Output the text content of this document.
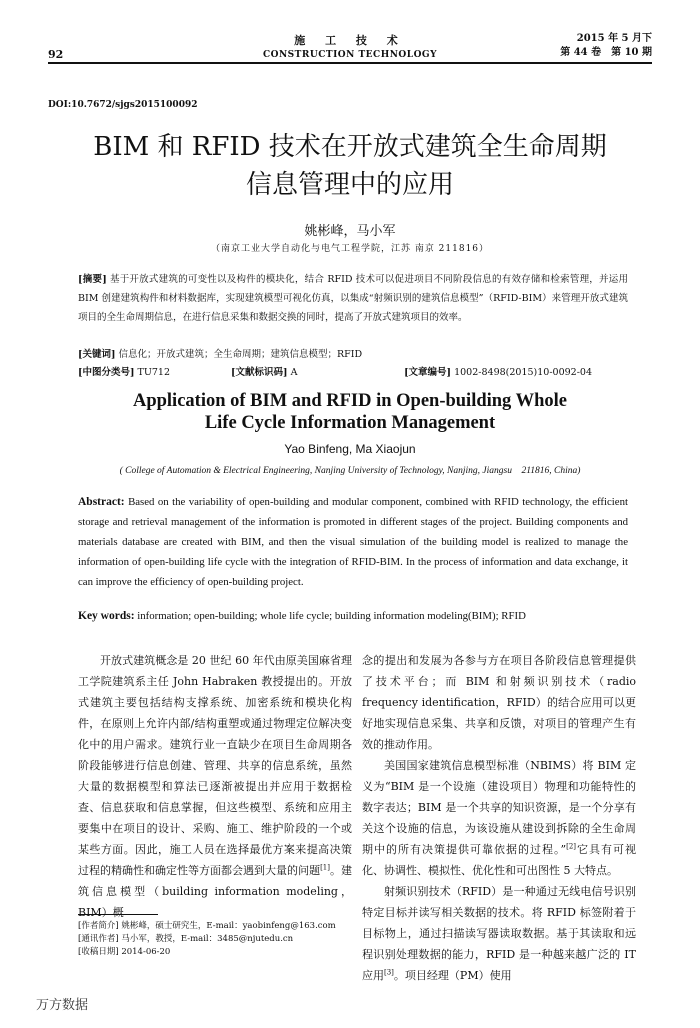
施 工 技 术
CONSTRUCTION TECHNOLOGY
92
2015 年 5 月下
第 44 卷　第 10 期
DOI:10.7672/sjgs2015100092
BIM 和 RFID 技术在开放式建筑全生命周期
信息管理中的应用
姚彬峰，马小军
（南京工业大学自动化与电气工程学院，江苏 南京 211816）
[摘要] 基于开放式建筑的可变性以及构件的模块化，结合 RFID 技术可以促进项目不同阶段信息的有效存储和检索管理，并运用 BIM 创建建筑构件和材料数据库，实现建筑模型可视化仿真，以集成“射频识别的建筑信息模型”（RFID-BIM）来管理开放式建筑项目的全生命周期信息，在进行信息采集和数据交换的同时，提高了开放式建筑项目的效率。
[关键词] 信息化；开放式建筑；全生命周期；建筑信息模型；RFID
[中图分类号] TU712	[文献标识码] A	[文章编号] 1002-8498(2015)10-0092-04
Application of BIM and RFID in Open-building Whole
Life Cycle Information Management
Yao Binfeng, Ma Xiaojun
( College of Automation & Electrical Engineering, Nanjing University of Technology, Nanjing, Jiangsu　211816, China)
Abstract: Based on the variability of open-building and modular component, combined with RFID technology, the efficient storage and retrieval management of the information is promoted in different stages of the project. Building components and materials database are created with BIM, and then the visual simulation of the building model is realized to manage the information of open-building life cycle with the integration of RFID-BIM. In the process of information and data exchange, it can improve the efficiency of open-building project.
Key words: information; open-building; whole life cycle; building information modeling(BIM); RFID

开放式建筑概念是 20 世纪 60 年代由原美国麻省理工学院建筑系主任 John Habraken 教授提出的。开放式建筑主要包括结构支撑系统、加密系统和模块化构件，在原则上允许内部/结构重塑或通过物理定位解决变化中的用户需求。建筑行业一直缺少在项目生命周期各阶段能够进行信息创建、管理、共享的信息系统，虽然大量的数据模型和算法已逐渐被提出并应用于数据检查、信息获取和信息掌握，但这些模型、系统和应用主要集中在项目的设计、采购、施工、维护阶段的一个或某些方面。因此，施工人员在选择最优方案来提高决策过程的精确性和确定性等方面都会遇到大量的问题[1]。建筑信息模型（building information modeling，BIM）概

念的提出和发展为各参与方在项目各阶段信息管理提供了技术平台；而 BIM 和射频识别技术（radio frequency identification，RFID）的结合应用可以更好地实现信息采集、共享和反馈，对项目的管理产生有效的推动作用。

美国国家建筑信息模型标准（NBIMS）将 BIM 定义为“BIM 是一个设施（建设项目）物理和功能特性的数字表达；BIM 是一个共享的知识资源，是一个分享有关这个设施的信息，为该设施从建设到拆除的全生命周期中的所有决策提供可靠依据的过程。”[2]它具有可视化、协调性、模拟性、优化性和可出图性 5 大特点。

射频识别技术（RFID）是一种通过无线电信号识别特定目标并读写相关数据的技术。将 RFID 标签附着于目标物上，通过扫描读写器读取数据。基于其读取和远程识别处理数据的能力，RFID 是一种越来越广泛的 IT 应用[3]。项目经理（PM）使用

[作者简介] 姚彬峰，硕士研究生，E-mail：yaobinfeng@163.com
[通讯作者] 马小军，教授，E-mail：3485@njutedu.cn
[收稿日期] 2014-06-20
万方数据
